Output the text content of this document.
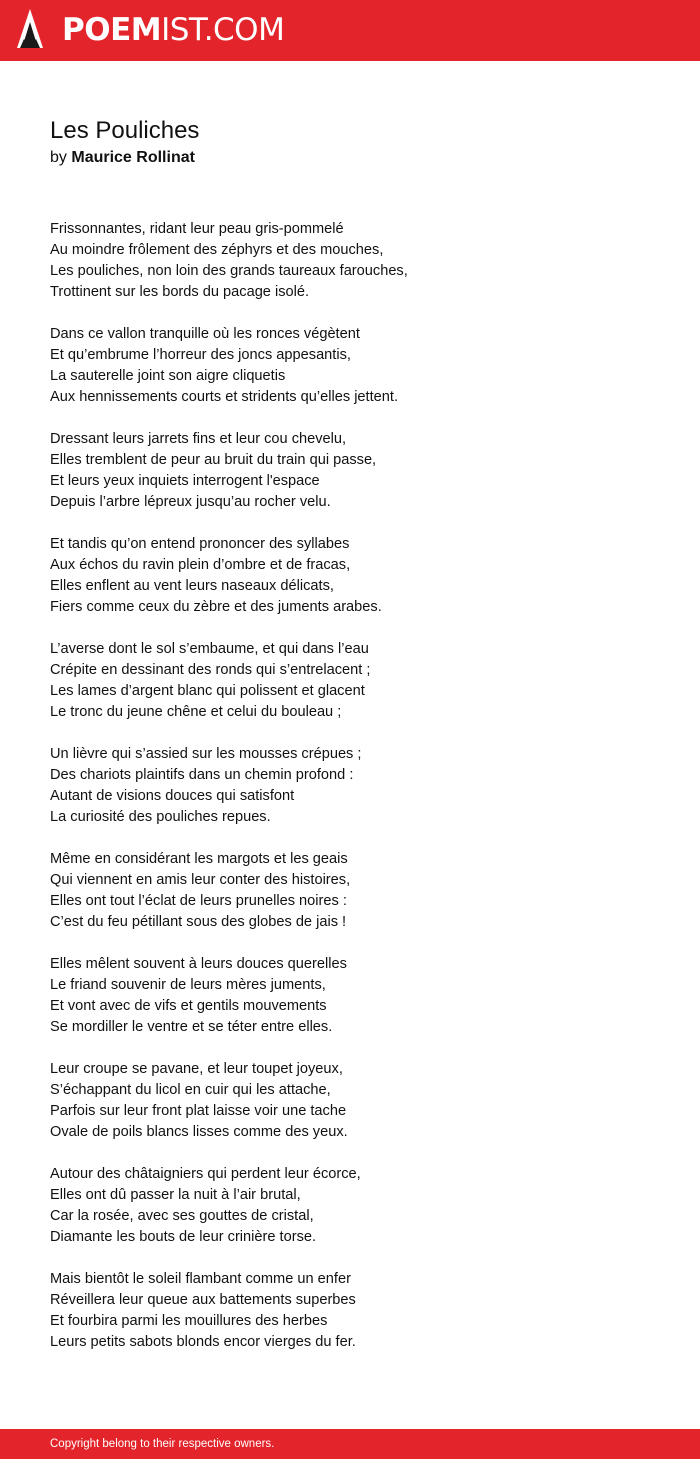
POEMIST.COM
Les Pouliches
by Maurice Rollinat
Frissonnantes, ridant leur peau gris-pommelé
Au moindre frôlement des zéphyrs et des mouches,
Les pouliches, non loin des grands taureaux farouches,
Trottinent sur les bords du pacage isolé.
Dans ce vallon tranquille où les ronces végètent
Et qu’embrume l’horreur des joncs appesantis,
La sauterelle joint son aigre cliquetis
Aux hennissements courts et stridents qu’elles jettent.
Dressant leurs jarrets fins et leur cou chevelu,
Elles tremblent de peur au bruit du train qui passe,
Et leurs yeux inquiets interrogent l'espace
Depuis l’arbre lépreux jusqu’au rocher velu.
Et tandis qu’on entend prononcer des syllabes
Aux échos du ravin plein d’ombre et de fracas,
Elles enflent au vent leurs naseaux délicats,
Fiers comme ceux du zèbre et des juments arabes.
L’averse dont le sol s’embaume, et qui dans l’eau
Crépite en dessinant des ronds qui s’entrelacent ;
Les lames d’argent blanc qui polissent et glacent
Le tronc du jeune chêne et celui du bouleau ;
Un lièvre qui s’assied sur les mousses crépues ;
Des chariots plaintifs dans un chemin profond :
Autant de visions douces qui satisfont
La curiosité des pouliches repues.
Même en considérant les margots et les geais
Qui viennent en amis leur conter des histoires,
Elles ont tout l’éclat de leurs prunelles noires :
C’est du feu pétillant sous des globes de jais !
Elles mêlent souvent à leurs douces querelles
Le friand souvenir de leurs mères juments,
Et vont avec de vifs et gentils mouvements
Se mordiller le ventre et se téter entre elles.
Leur croupe se pavane, et leur toupet joyeux,
S’échappant du licol en cuir qui les attache,
Parfois sur leur front plat laisse voir une tache
Ovale de poils blancs lisses comme des yeux.
Autour des châtaigniers qui perdent leur écorce,
Elles ont dû passer la nuit à l’air brutal,
Car la rosée, avec ses gouttes de cristal,
Diamante les bouts de leur crinière torse.
Mais bientôt le soleil flambant comme un enfer
Réveillera leur queue aux battements superbes
Et fourbira parmi les mouillures des herbes
Leurs petits sabots blonds encor vierges du fer.
Copyright belong to their respective owners.
